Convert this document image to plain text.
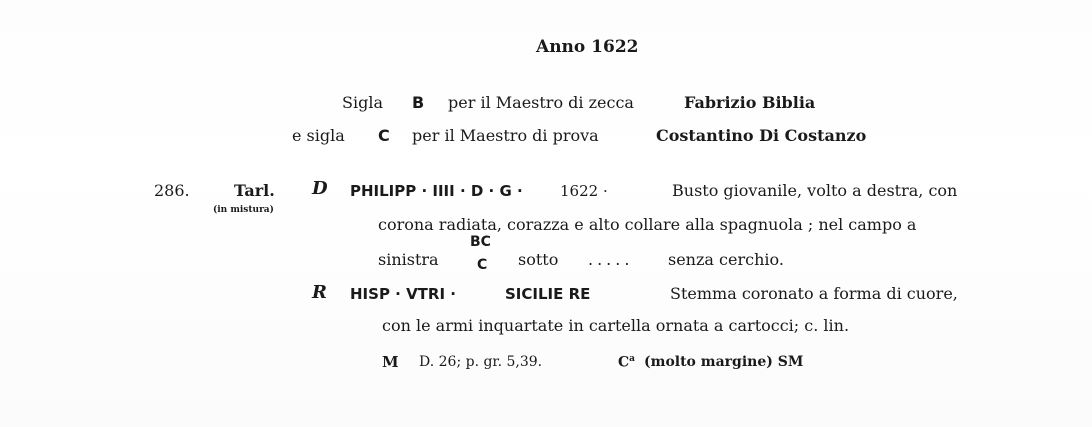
Anno 1622
Sigla B per il Maestro di zecca	Fabrizio Biblia
e sigla C per il Maestro di prova	Costantino Di Costanzo
286.	Tarl.
(in mistura)
D PHILIPP · IIII · D · G · 1622 ·	Busto giovanile, volto a destra, con
corona radiata, corazza e alto collare alla spagnuola ; nel campo a
sinistra
BC
C sotto ..... senza cerchio.
R HISP · VTRI ·	SICILIE RE	Stemma coronato a forma di cuore,
con le armi inquartate in cartella ornata a cartocci; c. lin.
M D. 26; p. gr. 5,39.	$C^a$ (molto margine) SM
